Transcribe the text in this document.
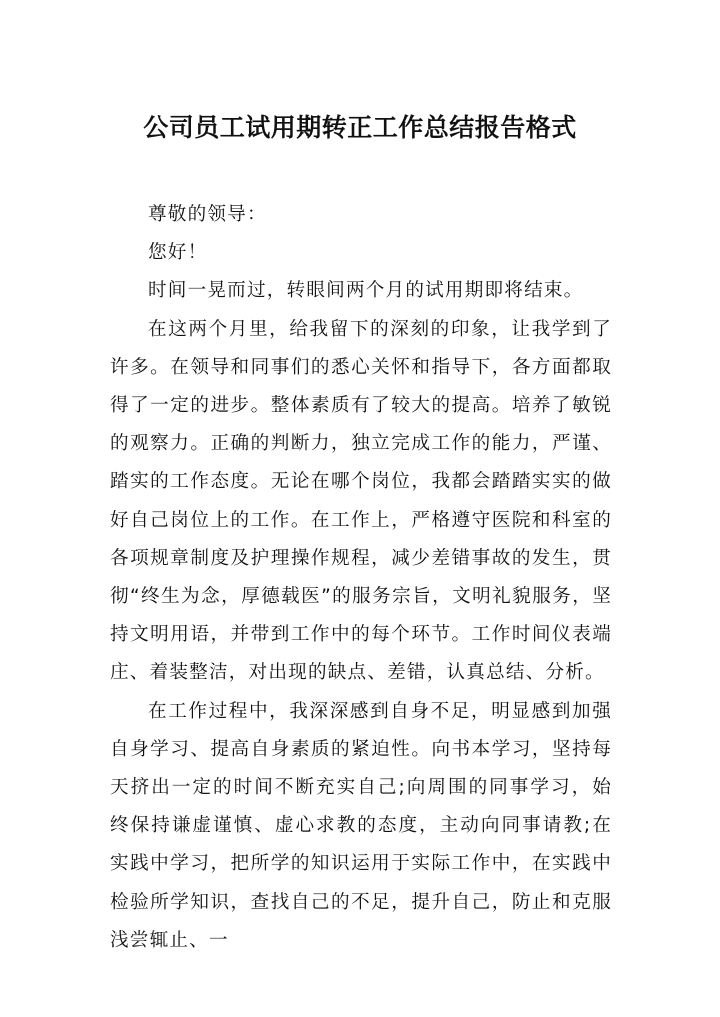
公司员工试用期转正工作总结报告格式

尊敬的领导：

您好！

时间一晃而过，转眼间两个月的试用期即将结束。

在这两个月里，给我留下的深刻的印象，让我学到了许多。在领导和同事们的悉心关怀和指导下，各方面都取得了一定的进步。整体素质有了较大的提高。培养了敏锐的观察力。正确的判断力，独立完成工作的能力，严谨、踏实的工作态度。无论在哪个岗位，我都会踏踏实实的做好自己岗位上的工作。在工作上，严格遵守医院和科室的各项规章制度及护理操作规程，减少差错事故的发生，贯彻“终生为念，厚德载医”的服务宗旨，文明礼貌服务，坚持文明用语，并带到工作中的每个环节。工作时间仪表端庄、着装整洁，对出现的缺点、差错，认真总结、分析。

在工作过程中，我深深感到自身不足，明显感到加强自身学习、提高自身素质的紧迫性。向书本学习，坚持每天挤出一定的时间不断充实自己;向周围的同事学习，始终保持谦虚谨慎、虚心求教的态度，主动向同事请教;在实践中学习，把所学的知识运用于实际工作中，在实践中检验所学知识，查找自己的不足，提升自己，防止和克服浅尝辄止、一
